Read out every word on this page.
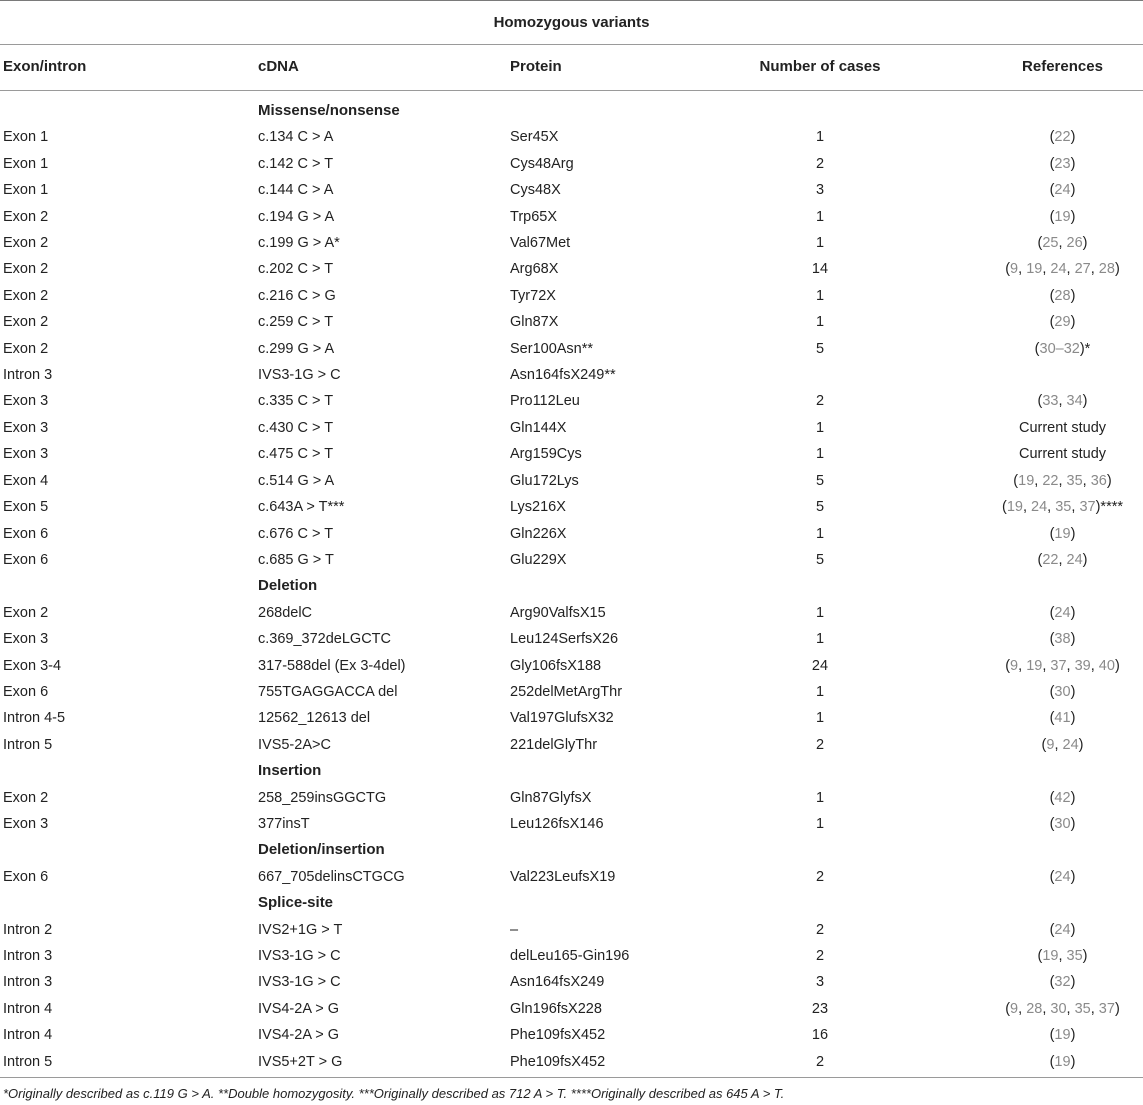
Homozygous variants
Exon/intron	cDNA	Protein	Number of cases	References
Missense/nonsense
Exon 1	c.134 C > A	Ser45X	1	(22)
Exon 1	c.142 C > T	Cys48Arg	2	(23)
Exon 1	c.144 C > A	Cys48X	3	(24)
Exon 2	c.194 G > A	Trp65X	1	(19)
Exon 2	c.199 G > A*	Val67Met	1	(25, 26)
Exon 2	c.202 C > T	Arg68X	14	(9, 19, 24, 27, 28)
Exon 2	c.216 C > G	Tyr72X	1	(28)
Exon 2	c.259 C > T	Gln87X	1	(29)
Exon 2	c.299 G > A	Ser100Asn**	5	(30–32)*
Intron 3	IVS3-1G > C	Asn164fsX249**
Exon 3	c.335 C > T	Pro112Leu	2	(33, 34)
Exon 3	c.430 C > T	Gln144X	1	Current study
Exon 3	c.475 C > T	Arg159Cys	1	Current study
Exon 4	c.514 G > A	Glu172Lys	5	(19, 22, 35, 36)
Exon 5	c.643A > T***	Lys216X	5	(19, 24, 35, 37)****
Exon 6	c.676 C > T	Gln226X	1	(19)
Exon 6	c.685 G > T	Glu229X	5	(22, 24)
Deletion
Exon 2	268delC	Arg90ValfsX15	1	(24)
Exon 3	c.369_372deLGCTC	Leu124SerfsX26	1	(38)
Exon 3-4	317-588del (Ex 3-4del)	Gly106fsX188	24	(9, 19, 37, 39, 40)
Exon 6	755TGAGGACCA del	252delMetArgThr	1	(30)
Intron 4-5	12562_12613 del	Val197GlufsX32	1	(41)
Intron 5	IVS5-2A>C	221delGlyThr	2	(9, 24)
Insertion
Exon 2	258_259insGGCTG	Gln87GlyfsX	1	(42)
Exon 3	377insT	Leu126fsX146	1	(30)
Deletion/insertion
Exon 6	667_705delinsCTGCG	Val223LeufsX19	2	(24)
Splice-site
Intron 2	IVS2+1G > T	–	2	(24)
Intron 3	IVS3-1G > C	delLeu165-Gin196	2	(19, 35)
Intron 3	IVS3-1G > C	Asn164fsX249	3	(32)
Intron 4	IVS4-2A > G	Gln196fsX228	23	(9, 28, 30, 35, 37)
Intron 4	IVS4-2A > G	Phe109fsX452	16	(19)
Intron 5	IVS5+2T > G	Phe109fsX452	2	(19)
*Originally described as c.119 G > A. **Double homozygosity. ***Originally described as 712 A > T. ****Originally described as 645 A > T.
